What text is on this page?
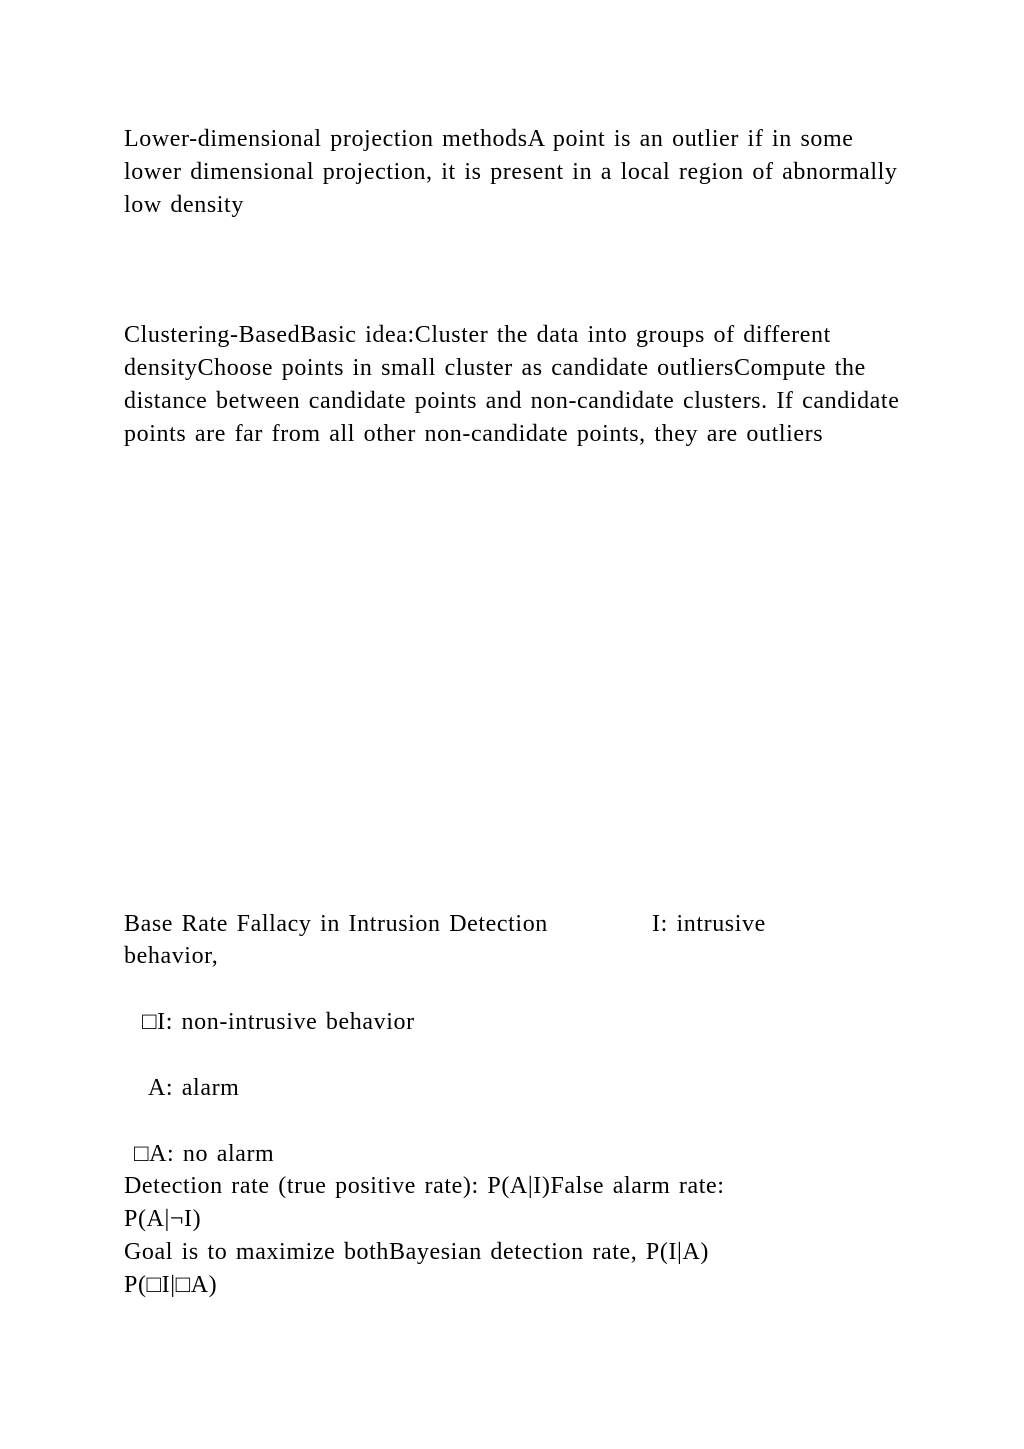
Lower-dimensional projection methodsA point is an outlier if in some lower dimensional projection, it is present in a local region of abnormally low density

Clustering-BasedBasic idea:Cluster the data into groups of different densityChoose points in small cluster as candidate outliersCompute the distance between candidate points and non-candidate clusters. If candidate points are far from all other non-candidate points, they are outliers

Base Rate Fallacy in Intrusion Detection	I: intrusive

behavior,

□I: non-intrusive behavior

A: alarm

□A: no alarm

Detection rate (true positive rate): P(A|I)False alarm rate:

P(A|¬I)

Goal is to maximize bothBayesian detection rate, P(I|A)

P(□I|□A)
